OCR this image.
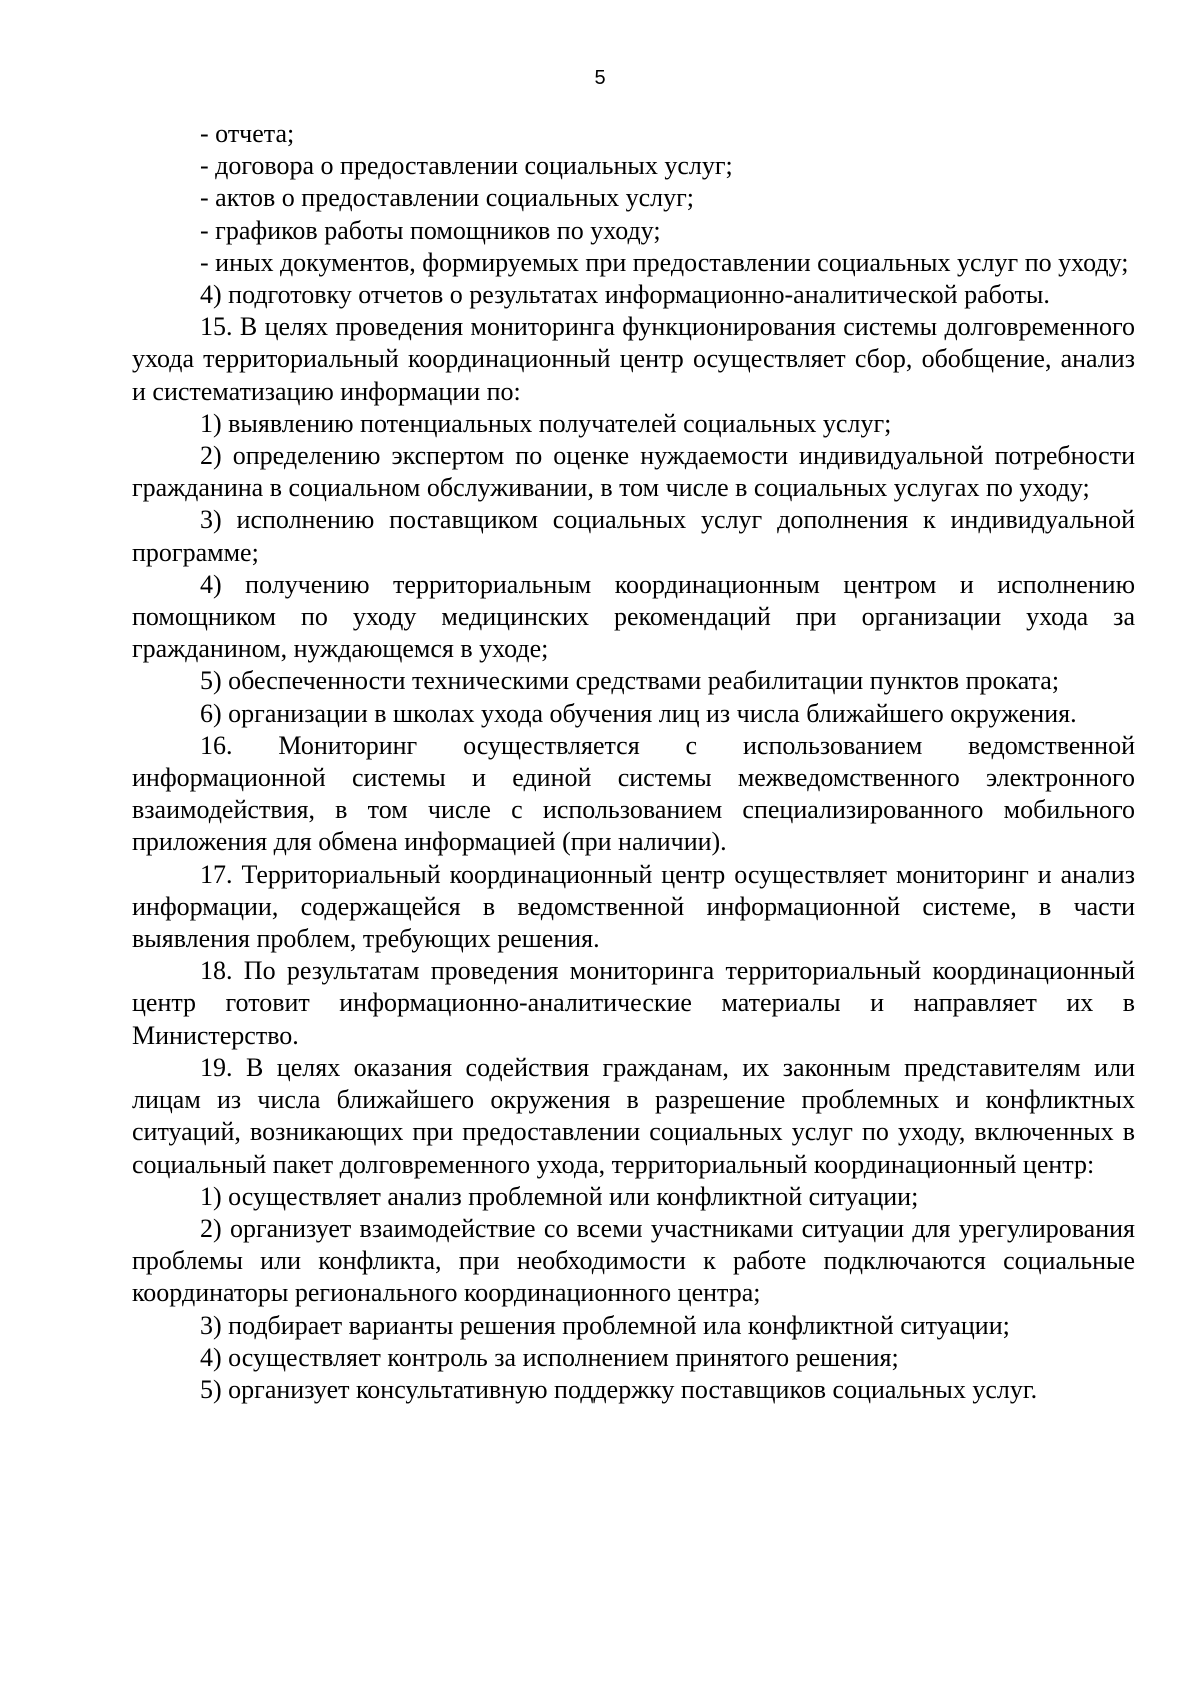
5

- отчета;

- договора о предоставлении социальных услуг;

- актов о предоставлении социальных услуг;

- графиков работы помощников по уходу;

- иных документов, формируемых при предоставлении социальных услуг по уходу;

4) подготовку отчетов о результатах информационно-аналитической работы.

15. В целях проведения мониторинга функционирования системы долговременного ухода территориальный координационный центр осуществляет сбор, обобщение, анализ и систематизацию информации по:

1) выявлению потенциальных получателей социальных услуг;

2) определению экспертом по оценке нуждаемости индивидуальной потребности гражданина в социальном обслуживании, в том числе в социальных услугах по уходу;

3) исполнению поставщиком социальных услуг дополнения к индивидуальной программе;

4) получению территориальным координационным центром и исполнению помощником по уходу медицинских рекомендаций при организации ухода за гражданином, нуждающемся в уходе;

5) обеспеченности техническими средствами реабилитации пунктов проката;

6) организации в школах ухода обучения лиц из числа ближайшего окружения.

16. Мониторинг осуществляется с использованием ведомственной информационной системы и единой системы межведомственного электронного взаимодействия, в том числе с использованием специализированного мобильного приложения для обмена информацией (при наличии).

17. Территориальный координационный центр осуществляет мониторинг и анализ информации, содержащейся в ведомственной информационной системе, в части выявления проблем, требующих решения.

18. По результатам проведения мониторинга территориальный координационный центр готовит информационно-аналитические материалы и направляет их в Министерство.

19. В целях оказания содействия гражданам, их законным представителям или лицам из числа ближайшего окружения в разрешение проблемных и конфликтных ситуаций, возникающих при предоставлении социальных услуг по уходу, включенных в социальный пакет долговременного ухода, территориальный координационный центр:

1) осуществляет анализ проблемной или конфликтной ситуации;

2) организует взаимодействие со всеми участниками ситуации для урегулирования проблемы или конфликта, при необходимости к работе подключаются социальные координаторы регионального координационного центра;

3) подбирает варианты решения проблемной ила конфликтной ситуации;

4) осуществляет контроль за исполнением принятого решения;

5) организует консультативную поддержку поставщиков социальных услуг.
